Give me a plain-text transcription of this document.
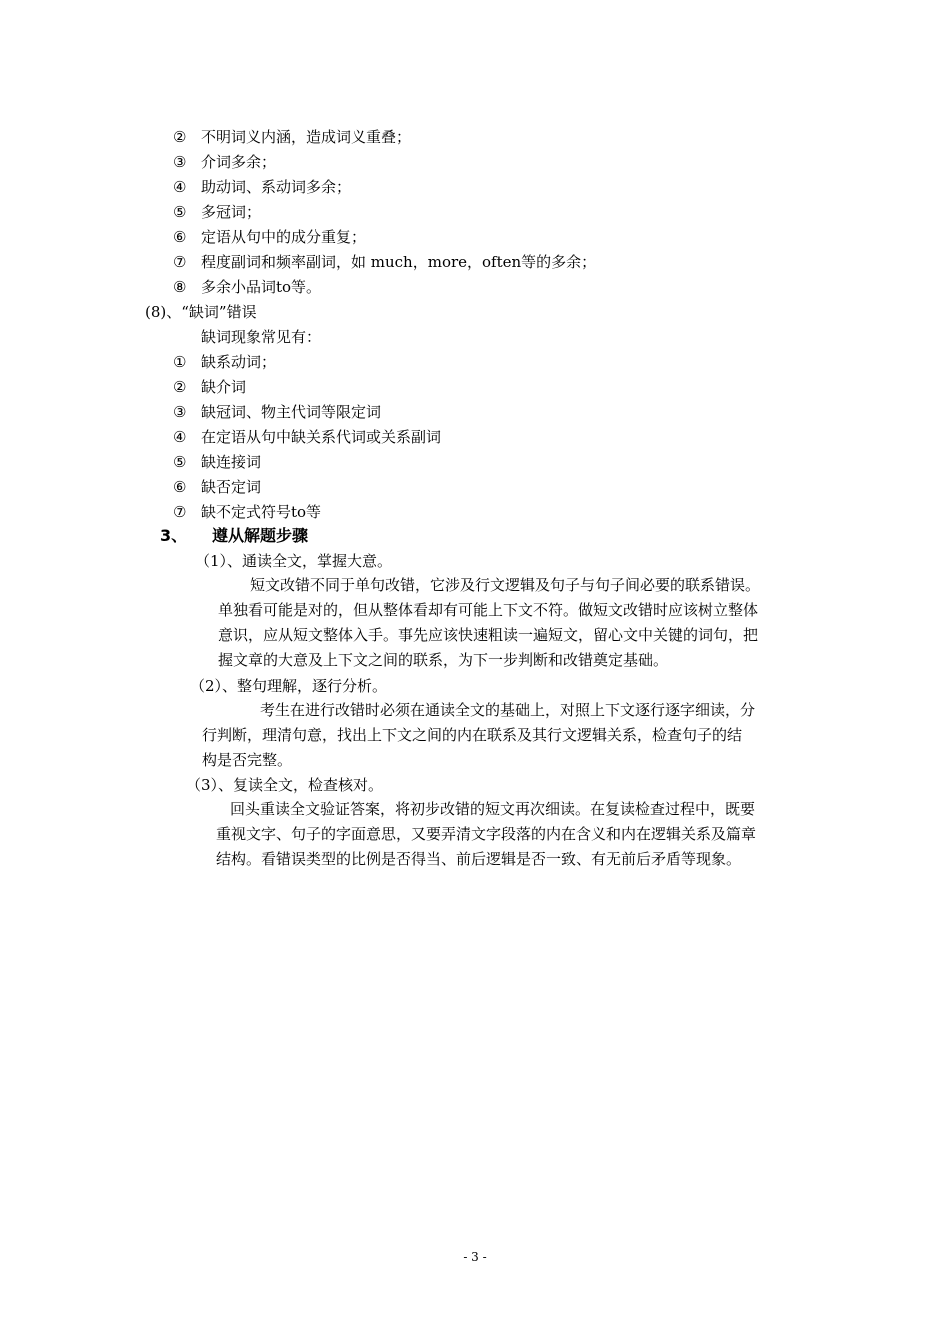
② 不明词义内涵，造成词义重叠；
③ 介词多余；
④ 助动词、系动词多余；
⑤ 多冠词；
⑥ 定语从句中的成分重复；
⑦ 程度副词和频率副词，如 much，more，often等的多余；
⑧ 多余小品词to等。
(8)、“缺词”错误
缺词现象常见有：
① 缺系动词；
② 缺介词
③ 缺冠词、物主代词等限定词
④ 在定语从句中缺关系代词或关系副词
⑤ 缺连接词
⑥ 缺否定词
⑦ 缺不定式符号to等
3、 遵从解题步骤
（1）、通读全文，掌握大意。
短文改错不同于单句改错，它涉及行文逻辑及句子与句子间必要的联系错误。
单独看可能是对的，但从整体看却有可能上下文不符。做短文改错时应该树立整体
意识，应从短文整体入手。事先应该快速粗读一遍短文，留心文中关键的词句，把
握文章的大意及上下文之间的联系，为下一步判断和改错奠定基础。
（2）、整句理解，逐行分析。
考生在进行改错时必须在通读全文的基础上，对照上下文逐行逐字细读，分
行判断，理清句意，找出上下文之间的内在联系及其行文逻辑关系，检查句子的结
构是否完整。
（3）、复读全文，检查核对。
回头重读全文验证答案，将初步改错的短文再次细读。在复读检查过程中，既要
重视文字、句子的字面意思，又要弄清文字段落的内在含义和内在逻辑关系及篇章
结构。看错误类型的比例是否得当、前后逻辑是否一致、有无前后矛盾等现象。
- 3 -
